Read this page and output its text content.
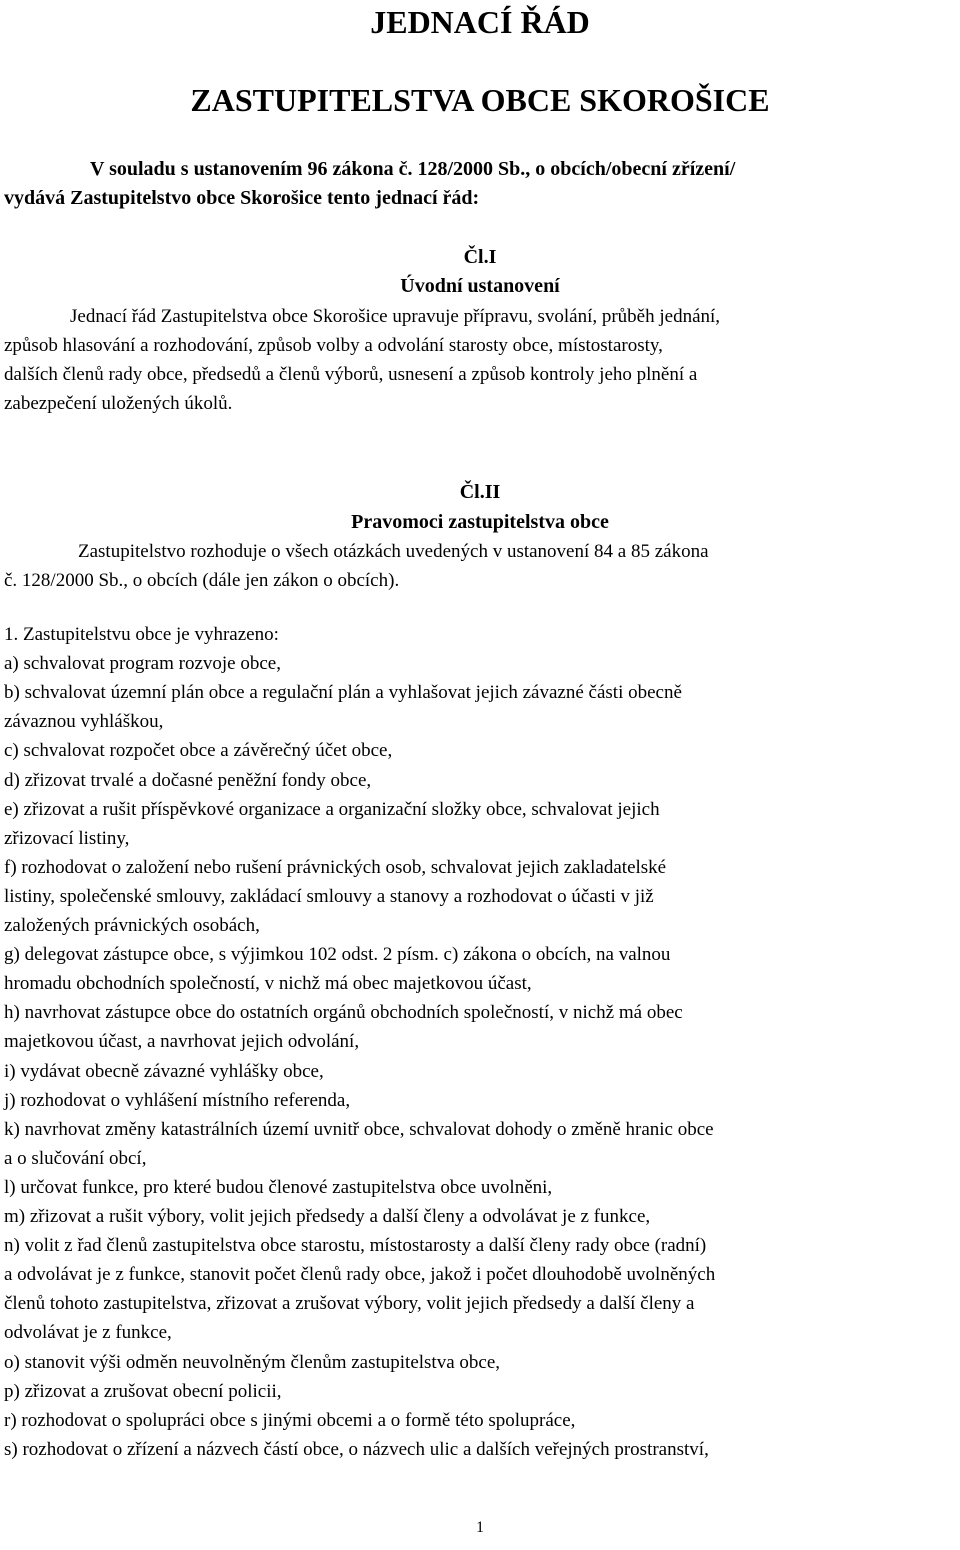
JEDNACÍ ŘÁD
ZASTUPITELSTVA OBCE SKOROŠICE
V souladu s ustanovením 96 zákona č. 128/2000 Sb., o obcích/obecní zřízení/
vydává Zastupitelstvo obce Skorošice tento jednací řád:
Čl.I
Úvodní ustanovení
Jednací řád Zastupitelstva obce Skorošice upravuje přípravu, svolání, průběh jednání,
způsob hlasování a rozhodování, způsob volby a odvolání starosty obce, místostarosty,
dalších členů rady obce, předsedů a členů výborů, usnesení a způsob kontroly jeho plnění a
zabezpečení uložených úkolů.
Čl.II
Pravomoci zastupitelstva obce
Zastupitelstvo rozhoduje o všech otázkách uvedených v ustanovení 84 a 85 zákona
č. 128/2000 Sb., o obcích (dále jen zákon o obcích).
1. Zastupitelstvu obce je vyhrazeno:
a) schvalovat program rozvoje obce,
b) schvalovat územní plán obce a regulační plán a vyhlašovat jejich závazné části obecně
závaznou vyhláškou,
c) schvalovat rozpočet obce a závěrečný účet obce,
d) zřizovat trvalé a dočasné peněžní fondy obce,
e) zřizovat a rušit příspěvkové organizace a organizační složky obce, schvalovat jejich
zřizovací listiny,
f) rozhodovat o založení nebo rušení právnických osob, schvalovat jejich zakladatelské
listiny, společenské smlouvy, zakládací smlouvy a stanovy a rozhodovat o účasti v již
založených právnických osobách,
g) delegovat zástupce obce, s výjimkou 102 odst. 2 písm. c) zákona o obcích, na valnou
hromadu obchodních společností, v nichž má obec majetkovou účast,
h) navrhovat zástupce obce do ostatních orgánů obchodních společností, v nichž má obec
majetkovou účast, a navrhovat jejich odvolání,
i) vydávat obecně závazné vyhlášky obce,
j) rozhodovat o vyhlášení místního referenda,
k) navrhovat změny katastrálních území uvnitř obce, schvalovat dohody o změně hranic obce
a o slučování obcí,
l) určovat funkce, pro které budou členové zastupitelstva obce uvolněni,
m) zřizovat a rušit výbory, volit jejich předsedy a další členy a odvolávat je z funkce,
n) volit z řad členů zastupitelstva obce starostu, místostarosty a další členy rady obce (radní)
a odvolávat je z funkce, stanovit počet členů rady obce, jakož i počet dlouhodobě uvolněných
členů tohoto zastupitelstva, zřizovat a zrušovat výbory, volit jejich předsedy a další členy a
odvolávat je z funkce,
o) stanovit výši odměn neuvolněným členům zastupitelstva obce,
p) zřizovat a zrušovat obecní policii,
r) rozhodovat o spolupráci obce s jinými obcemi a o formě této spolupráce,
s) rozhodovat o zřízení a názvech částí obce, o názvech ulic a dalších veřejných prostranství,
1
